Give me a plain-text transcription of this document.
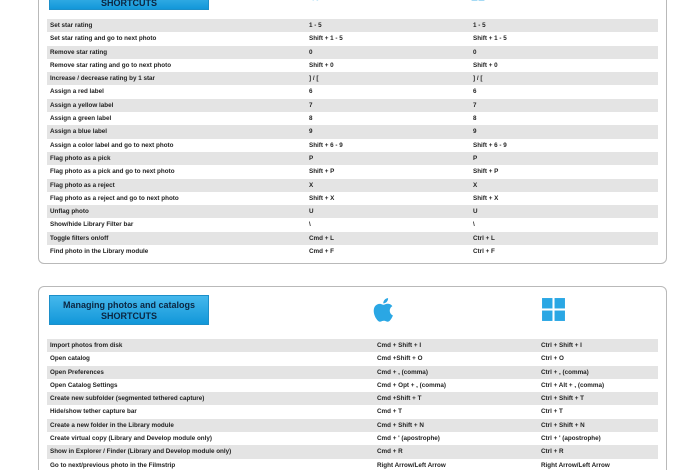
SHORTCUTS
Set star rating	1 - 5	1 - 5
Set star rating and go to next photo	Shift + 1 - 5	Shift + 1 - 5
Remove star rating	0	0
Remove star rating and go to next photo	Shift + 0	Shift + 0
Increase / decrease rating by 1 star	] / [	] / [
Assign a red label	6	6
Assign a yellow label	7	7
Assign a green label	8	8
Assign a blue label	9	9
Assign a color label and go to next photo	Shift + 6 - 9	Shift + 6 - 9
Flag photo as a pick	P	P
Flag photo as a pick and go to next photo	Shift + P	Shift + P
Flag photo as a reject	X	X
Flag photo as a reject and go to next photo	Shift + X	Shift + X
Unflag photo	U	U
Show/hide Library Filter bar	\	\
Toggle filters on/off	Cmd + L	Ctrl + L
Find photo in the Library module	Cmd + F	Ctrl + F
Managing photos and catalogs
SHORTCUTS
Import photos from disk	Cmd + Shift + I	Ctrl + Shift + I
Open catalog	Cmd +Shift + O	Ctrl + O
Open Preferences	Cmd + , (comma)	Ctrl + , (comma)
Open Catalog Settings	Cmd + Opt + , (comma)	Ctrl + Alt + , (comma)
Create new subfolder (segmented tethered capture)	Cmd +Shift + T	Ctrl + Shift + T
Hide/show tether capture bar	Cmd + T	Ctrl + T
Create a new folder in the Library module	Cmd + Shift + N	Ctrl + Shift + N
Create virtual copy (Library and Develop module only)	Cmd + ' (apostrophe)	Ctrl + ' (apostrophe)
Show in Explorer / Finder (Library and Develop module only)	Cmd + R	Ctrl + R
Go to next/previous photo in the Filmstrip	Right Arrow/Left Arrow	Right Arrow/Left Arrow
